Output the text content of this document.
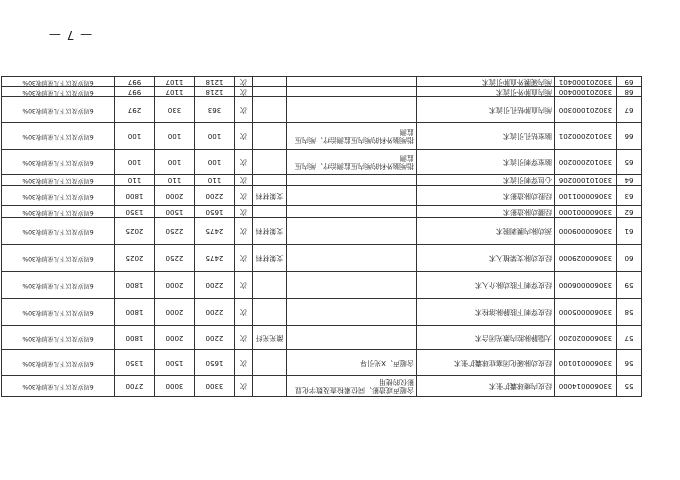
— 7 —
55	330600014000	经皮内瘘球囊扩张术	含超声或造影、同位素检查及数字化显影仪的使用		次	3300	3000	2700	6周岁及以下儿童加收30%
56	330600010100	经皮动脉硬化闭塞症球囊扩张术	含超声、X光引导		次	1650	1500	1350	6周岁及以下儿童加收30%
57	330600020200	大隐静脉腔内激光闭合术		激光光纤	次	2200	2000	1800	6周岁及以下儿童加收30%
58	330600005000	经皮穿刺下肢静脉溶栓术			次	2200	2000	1800	6周岁及以下儿童加收30%
59	330600006000	经皮穿刺下肢动脉介入术			次	2200	2000	1800	6周岁及以下儿童加收30%
60	330600029000	经皮动脉支架植入术		支架材料	次	2475	2250	2025	6周岁及以下儿童加收30%
61	330600009000	颈动脉内膜剥脱术		支架材料	次	2475	2250	2025	6周岁及以下儿童加收30%
62	330600001000	经腰动脉造影术			次	1650	1500	1350	6周岁及以下儿童加收30%
63	330600001100	经股动脉造影术		支架材料	次	2200	2000	1800	6周岁及以下儿童加收30%
64	330101000206	心包穿刺引流术			次	110	110	110	6周岁及以下儿童加收30%
65	330102000200	脑室穿刺引流术	指颅脑外科的颅内压监测治疗、颅内压监测		次	100	100	100	6周岁及以下儿童加收30%
66	330102000201	脑室钻孔引流术	指颅脑外科的颅内压监测治疗、颅内压监测		次	100	100	100	6周岁及以下儿童加收30%
67	330201000300	颅内血肿钻孔引流术			次	363	330	297	6周岁及以下儿童加收30%
68	330201000400	颅内血肿外引流术			次	1218	1107	997	6周岁及以下儿童加收30%
69	330201000401	颅内硬膜外血肿引流术			次	1218	1107	997	6周岁及以下儿童加收30%
